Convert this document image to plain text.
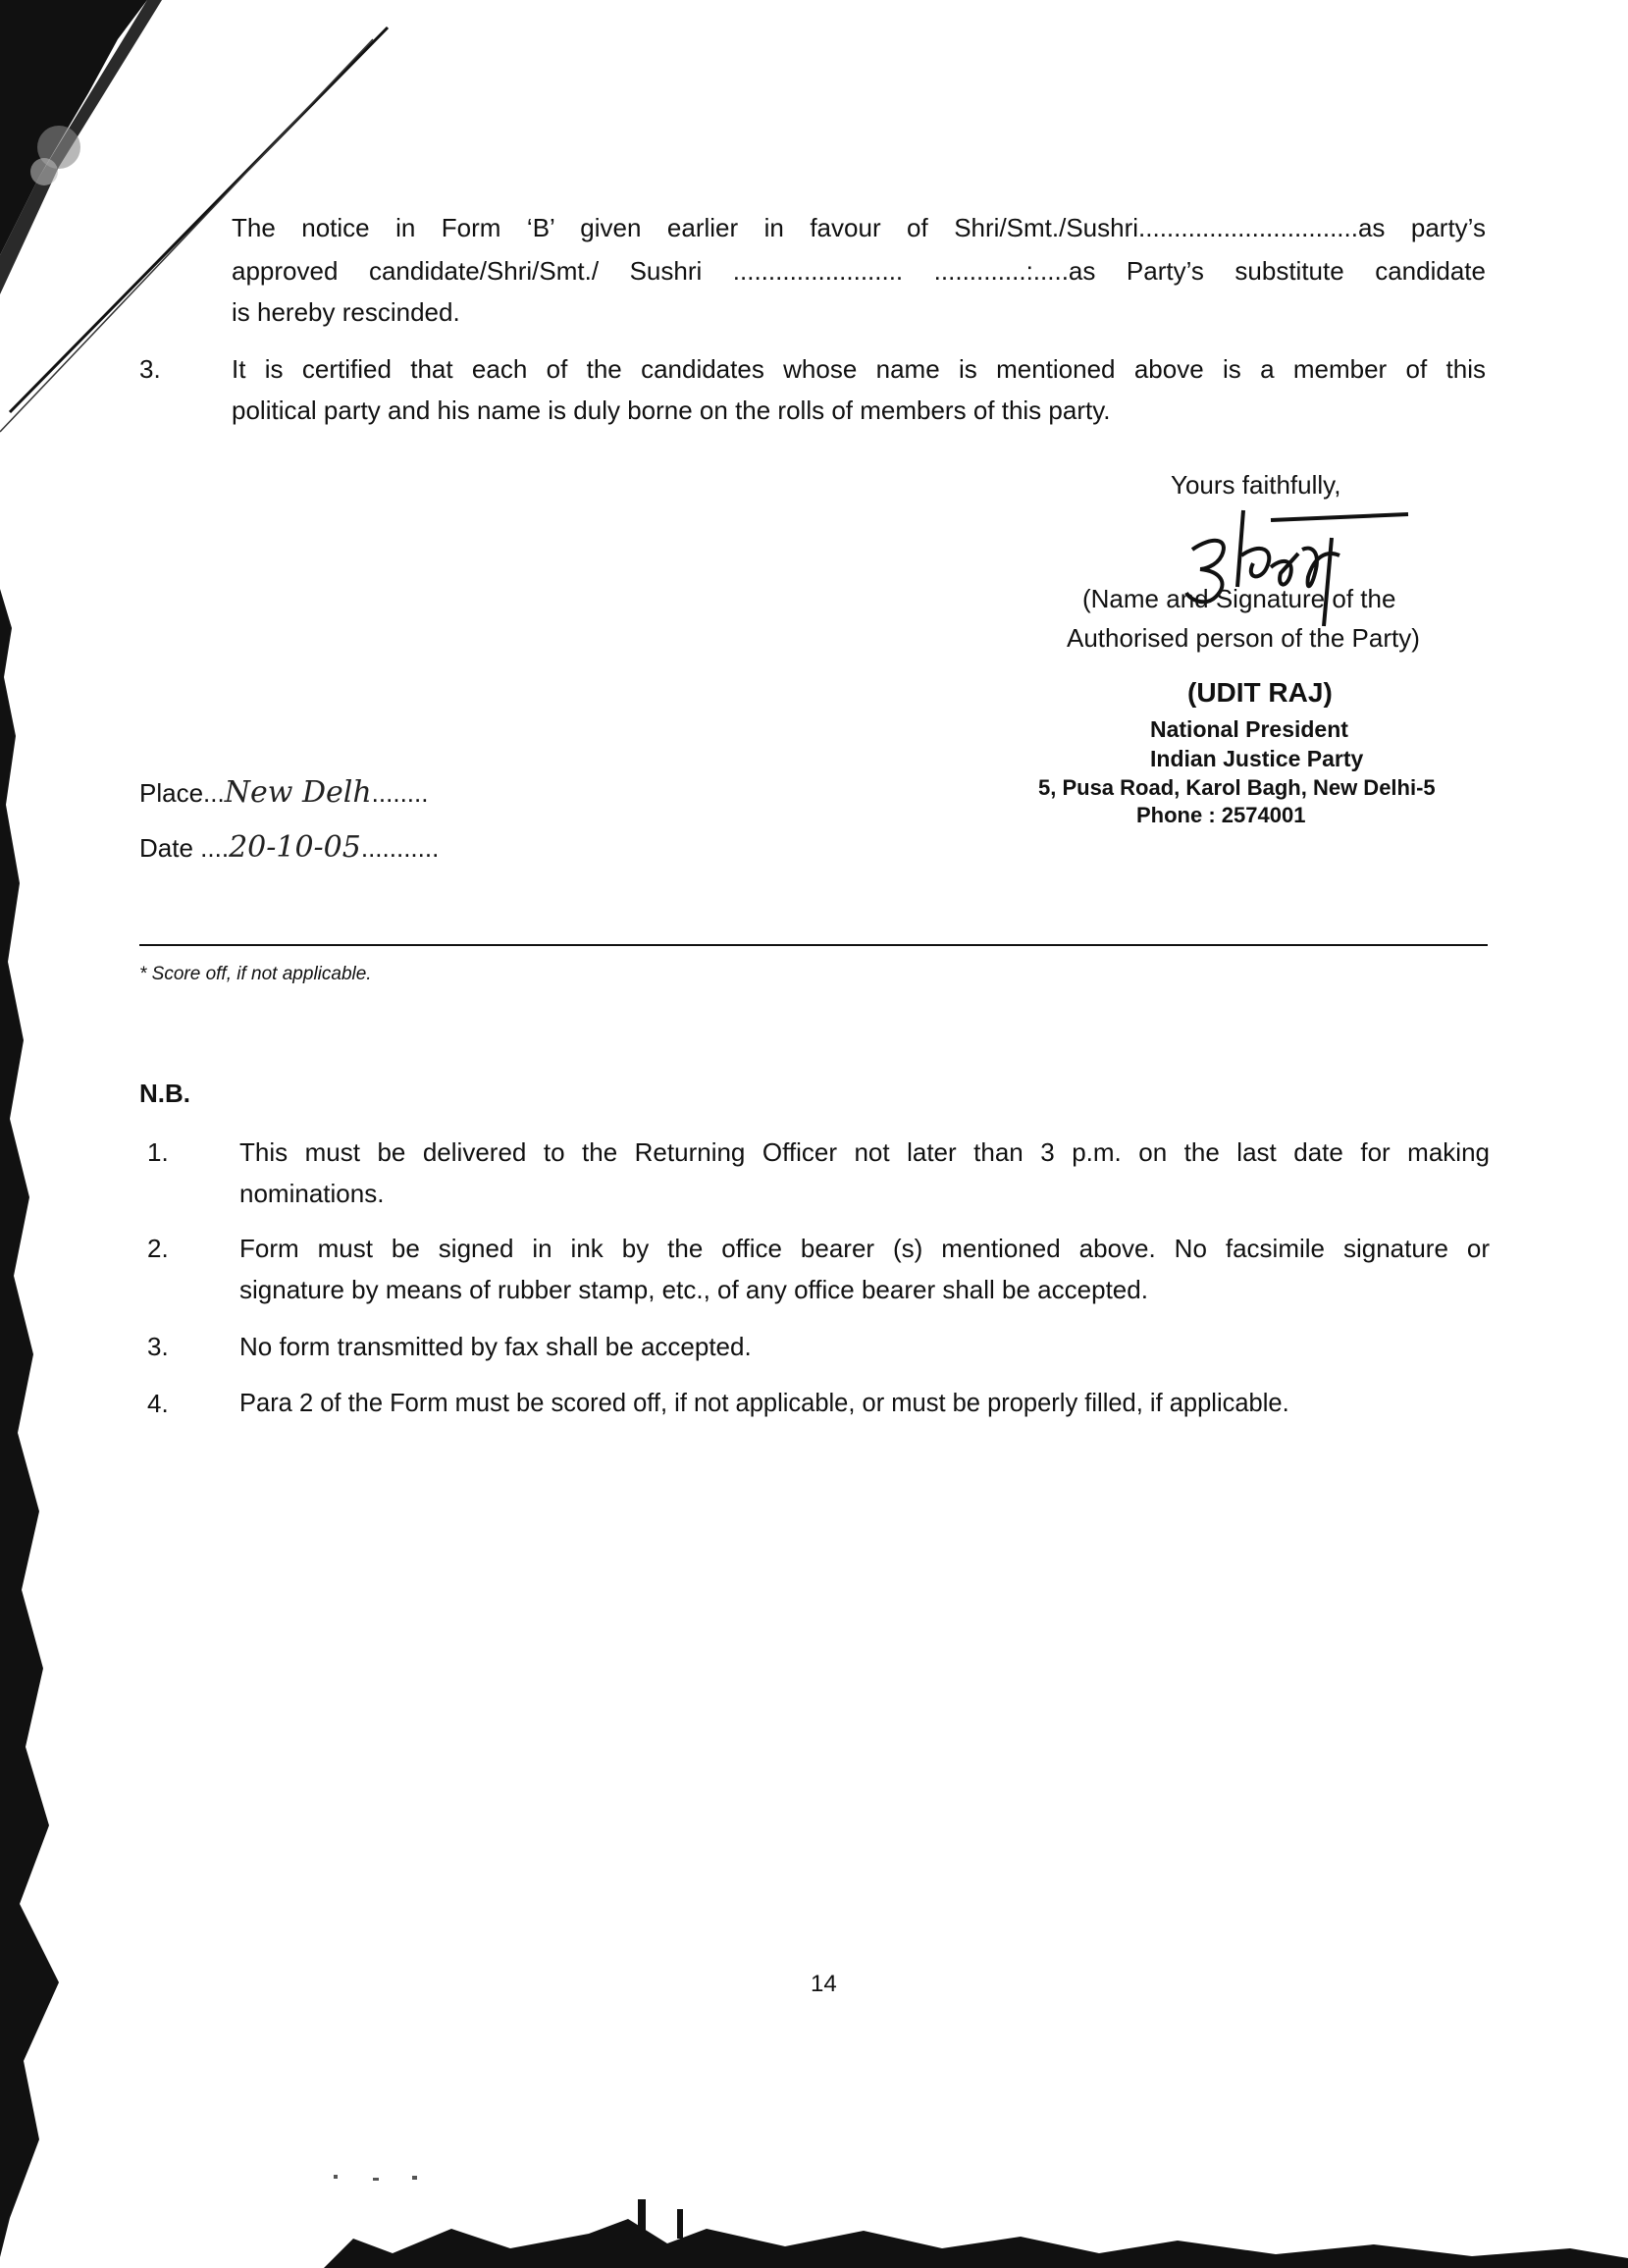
The notice in Form ‘B’ given earlier in favour of Shri/Smt./Sushri...............................as party’s
approved candidate/Shri/Smt./ Sushri ........................ .............:.....as Party’s substitute candidate
is hereby rescinded.
3.	It is certified that each of the candidates whose name is mentioned above is a member of this
political party and his name is duly borne on the rolls of members of this party.
Yours faithfully,
(Name and Signature of the
Authorised person of the Party)
(UDIT RAJ)
National President
Indian Justice Party
5, Pusa Road, Karol Bagh, New Delhi-5
Phone : 2574001
Place...New Delh........
Date ....20-10-05...........
* Score off, if not applicable.
N.B.
1.	This must be delivered to the Returning Officer not later than 3 p.m. on the last date for making
nominations.
2.	Form must be signed in ink by the office bearer (s) mentioned above. No facsimile signature or
signature by means of rubber stamp, etc., of any office bearer shall be accepted.
3.	No form transmitted by fax shall be accepted.
4.	Para 2 of the Form must be scored off, if not applicable, or must be properly filled, if applicable.
14
